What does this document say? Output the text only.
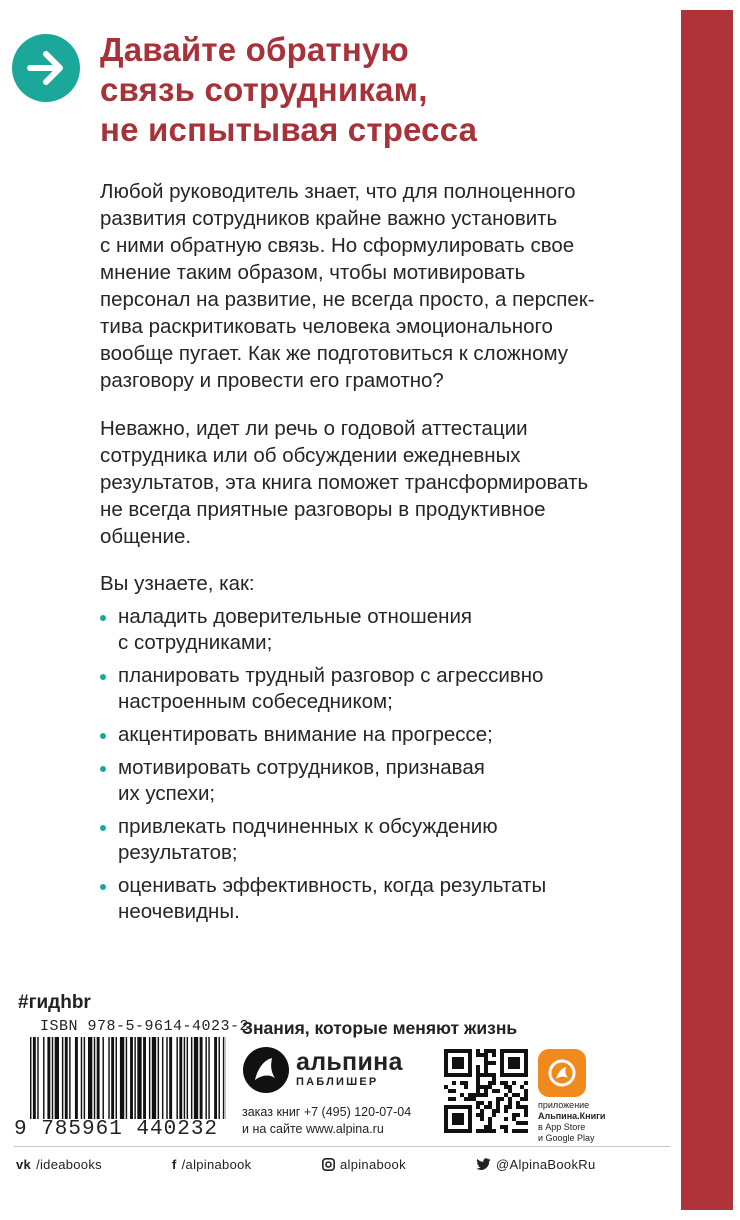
Давайте обратную
связь сотрудникам,
не испытывая стресса

Любой руководитель знает, что для полноценного
развития сотрудников крайне важно установить
с ними обратную связь. Но сформулировать свое
мнение таким образом, чтобы мотивировать
персонал на развитие, не всегда просто, а перспек-
тива раскритиковать человека эмоционального
вообще пугает. Как же подготовиться к сложному
разговору и провести его грамотно?

Неважно, идет ли речь о годовой аттестации
сотрудника или об обсуждении ежедневных
результатов, эта книга поможет трансформировать
не всегда приятные разговоры в продуктивное
общение.

Вы узнаете, как:

наладить доверительные отношения
с сотрудниками;
планировать трудный разговор с агрессивно
настроенным собеседником;
акцентировать внимание на прогрессе;
мотивировать сотрудников, признавая
их успехи;
привлекать подчиненных к обсуждению
результатов;
оценивать эффективность, когда результаты
неочевидны.

#гидhbr

ISBN 978-5-9614-4023-2
9 785961 440232

Знания, которые меняют жизнь

альпина
ПАБЛИШЕР
заказ книг +7 (495) 120-07-04
и на сайте www.alpina.ru
приложение
Альпина.Книги
в App Store
и Google Play
vk /ideabooks	f /alpinabook	alpinabook	@AlpinaBookRu
